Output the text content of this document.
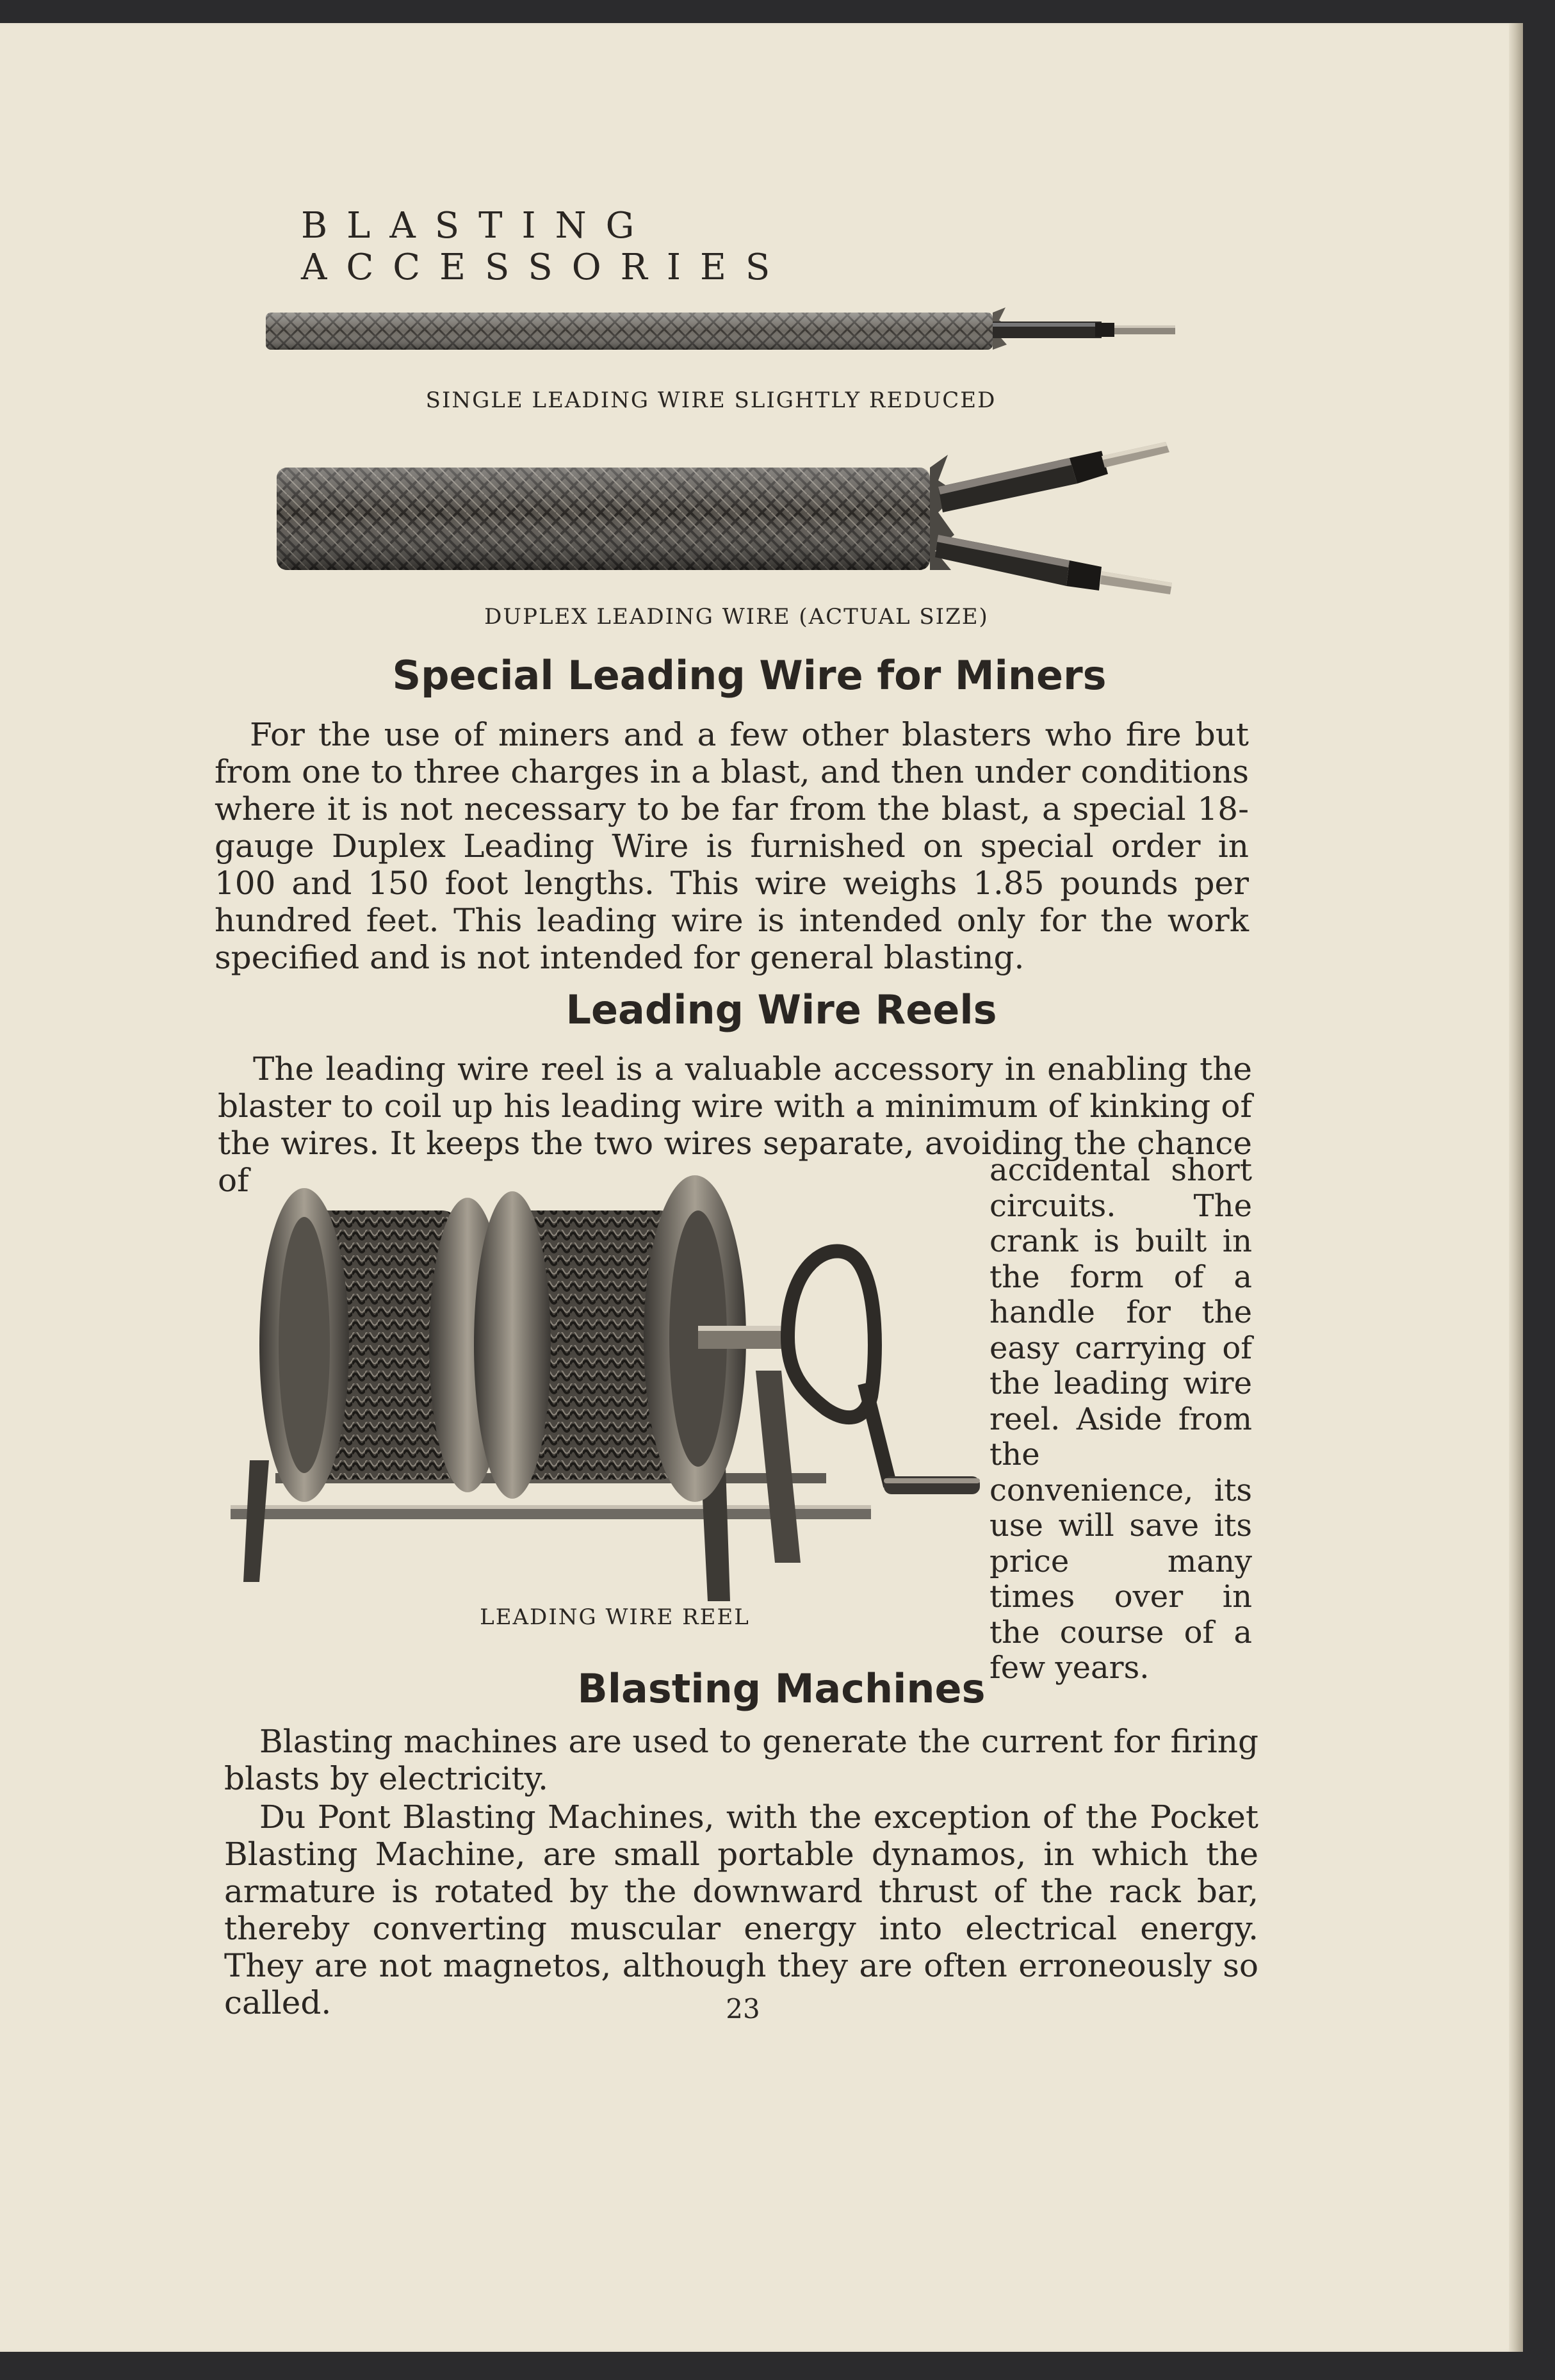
BLASTING ACCESSORIES

SINGLE LEADING WIRE SLIGHTLY REDUCED

DUPLEX LEADING WIRE (ACTUAL SIZE)

Special Leading Wire for Miners

For the use of miners and a few other blasters who fire but from one to three charges in a blast, and then under conditions where it is not necessary to be far from the blast, a special 18-gauge Duplex Leading Wire is furnished on special order in 100 and 150 foot lengths. This wire weighs 1.85 pounds per hundred feet. This leading wire is intended only for the work specified and is not intended for general blasting.

Leading Wire Reels

The leading wire reel is a valuable accessory in enabling the blaster to coil up his leading wire with a minimum of kinking of the wires. It keeps the two wires separate, avoiding the chance of	accidental short circuits. The crank is built in the form of a handle for the easy carrying of the leading wire reel. Aside from the convenience, its use will save its price many times over in the course of a few years.

LEADING WIRE REEL

Blasting Machines

Blasting machines are used to generate the current for firing blasts by electricity.

Du Pont Blasting Machines, with the exception of the Pocket Blasting Machine, are small portable dynamos, in which the armature is rotated by the downward thrust of the rack bar, thereby converting muscular energy into electrical energy. They are not magnetos, although they are often erroneously so called.	23
